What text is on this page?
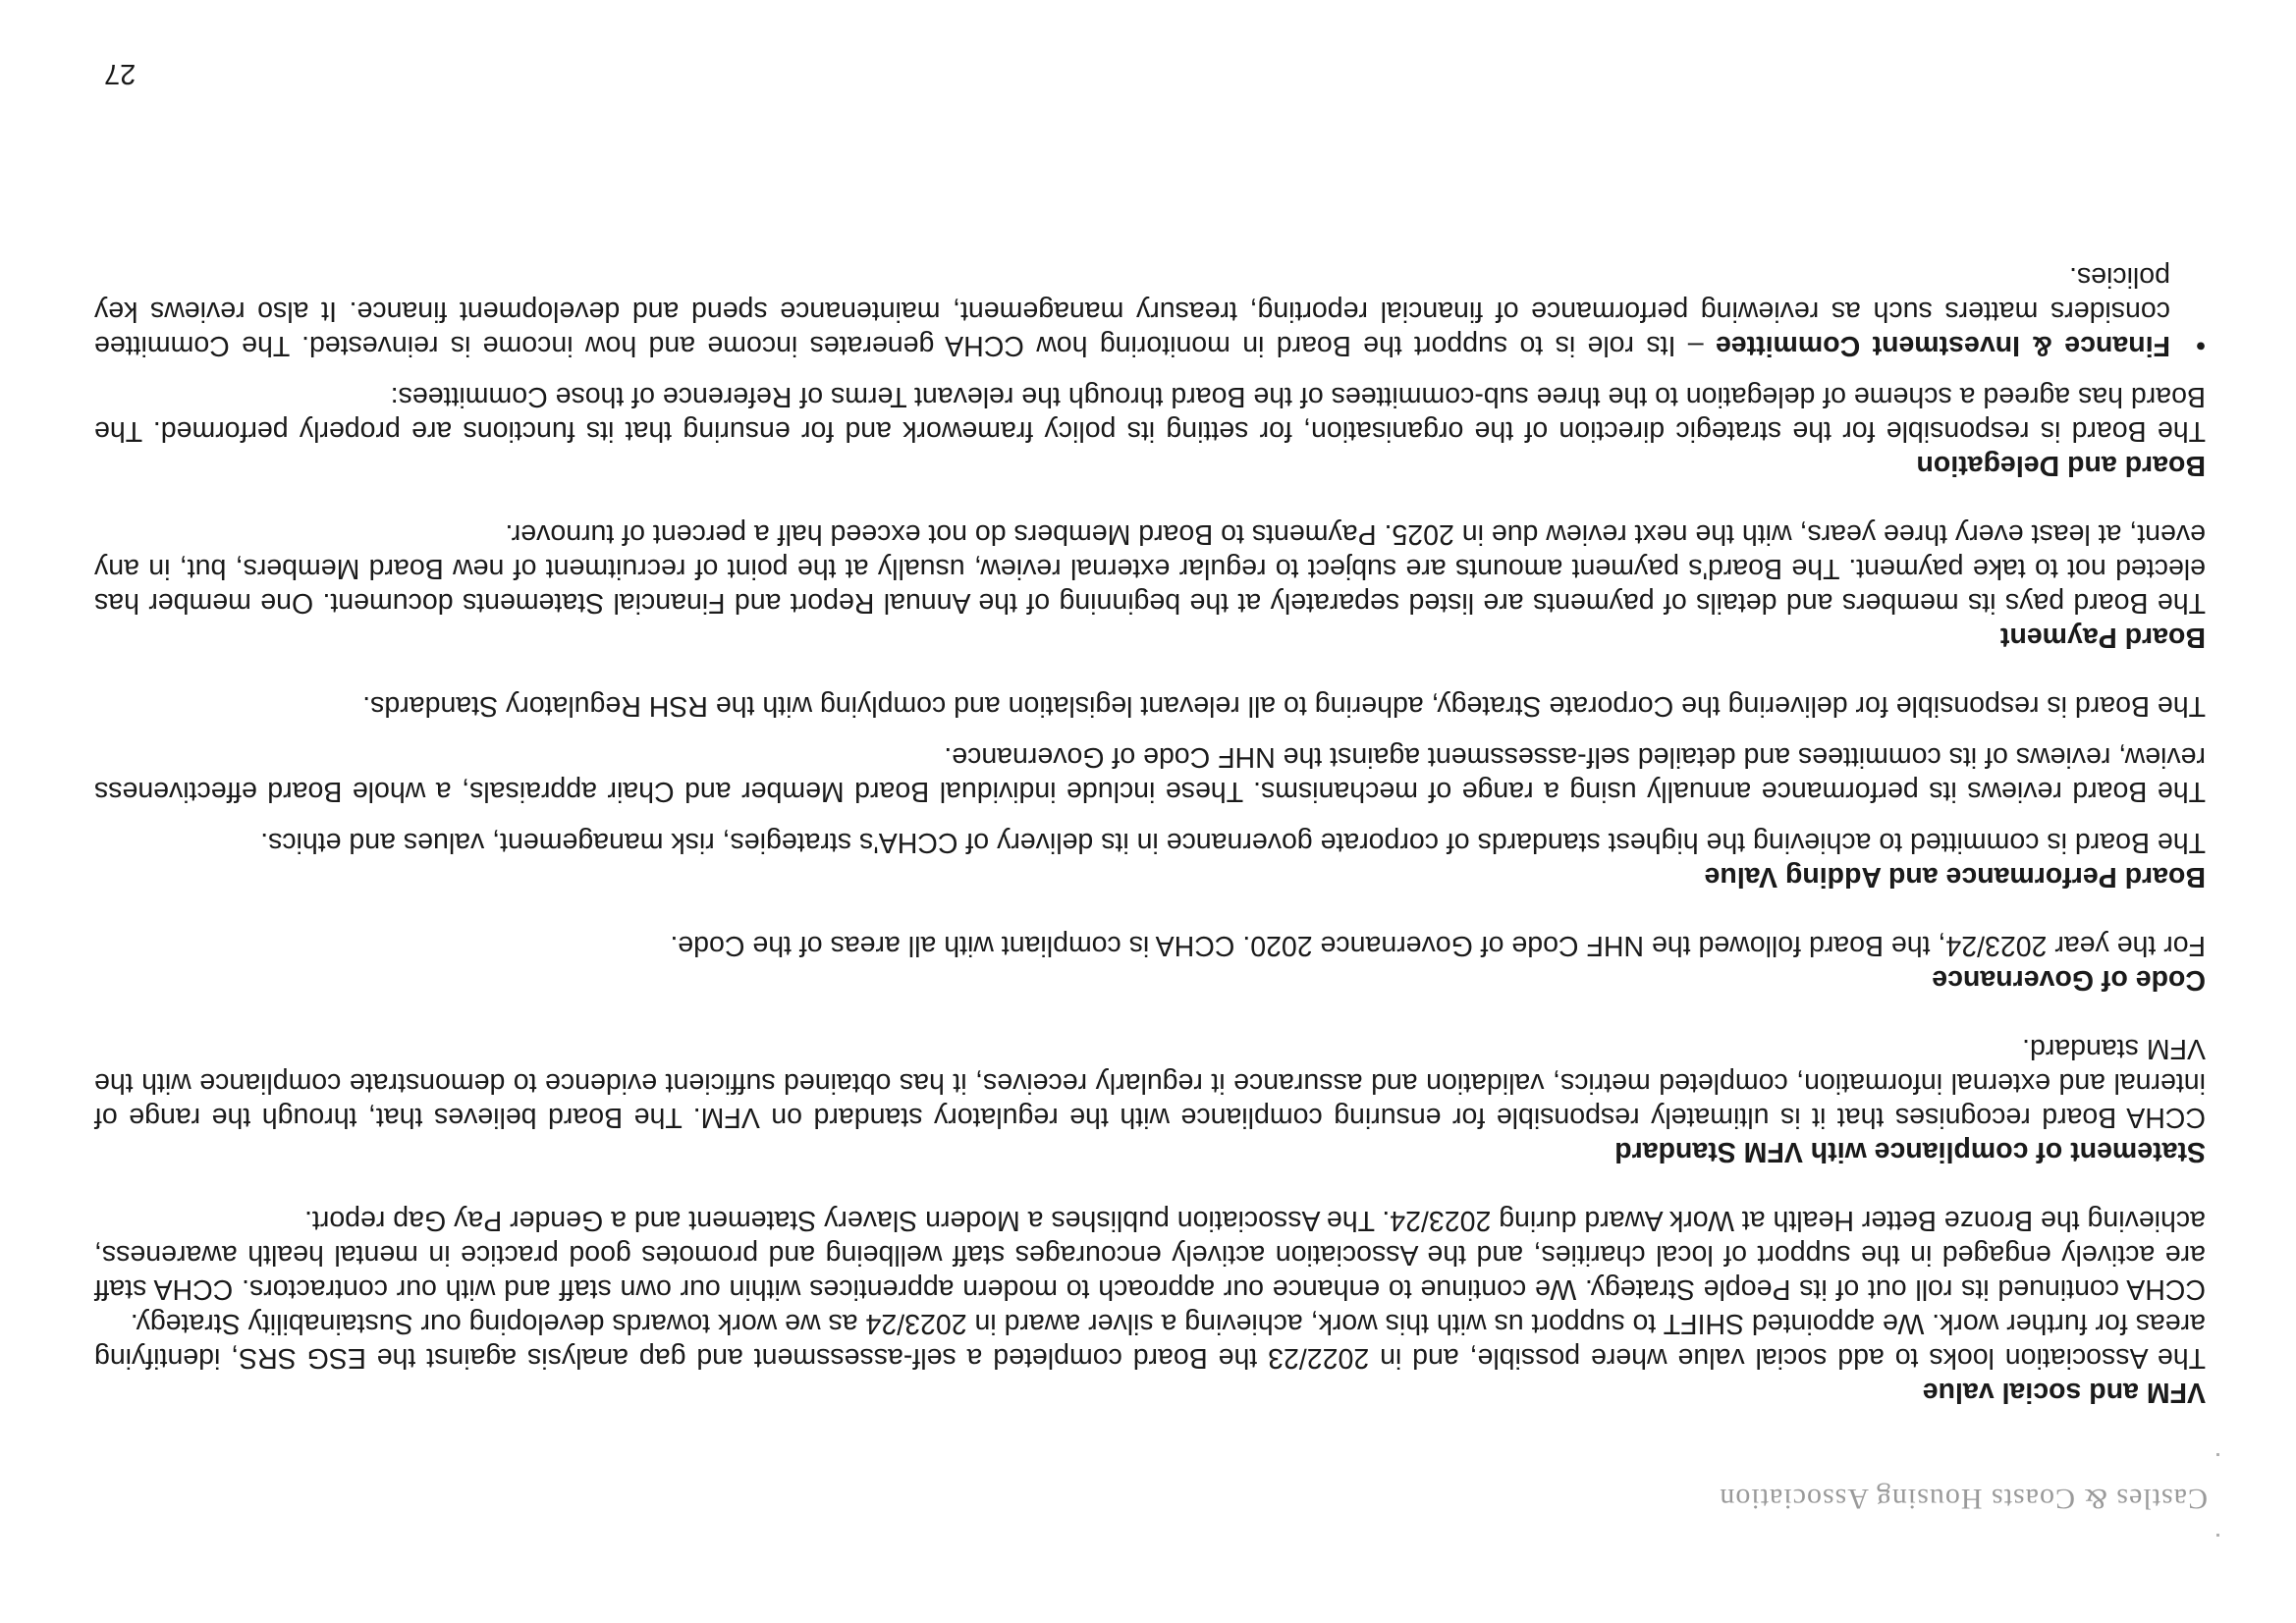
Castles & Coasts Housing Association

VFM and social value

The Association looks to add social value where possible, and in 2022/23 the Board completed a self-assessment and gap analysis against the ESG SRS, identifying areas for further work. We appointed SHIFT to support us with this work, achieving a silver award in 2023/24 as we work towards developing our Sustainability Strategy.

CCHA continued its roll out of its People Strategy. We continue to enhance our approach to modern apprentices within our own staff and with our contractors. CCHA staff are actively engaged in the support of local charities, and the Association actively encourages staff wellbeing and promotes good practice in mental health awareness, achieving the Bronze Better Health at Work Award during 2023/24. The Association publishes a Modern Slavery Statement and a Gender Pay Gap report.

Statement of compliance with VFM Standard

CCHA Board recognises that it is ultimately responsible for ensuring compliance with the regulatory standard on VFM. The Board believes that, through the range of internal and external information, completed metrics, validation and assurance it regularly receives, it has obtained sufficient evidence to demonstrate compliance with the VFM standard.

Code of Governance

For the year 2023/24, the Board followed the NHF Code of Governance 2020. CCHA is compliant with all areas of the Code.

Board Performance and Adding Value

The Board is committed to achieving the highest standards of corporate governance in its delivery of CCHA's strategies, risk management, values and ethics.

The Board reviews its performance annually using a range of mechanisms. These include individual Board Member and Chair appraisals, a whole Board effectiveness review, reviews of its committees and detailed self-assessment against the NHF Code of Governance.

The Board is responsible for delivering the Corporate Strategy, adhering to all relevant legislation and complying with the RSH Regulatory Standards.

Board Payment

The Board pays its members and details of payments are listed separately at the beginning of the Annual Report and Financial Statements document. One member has elected not to take payment. The Board's payment amounts are subject to regular external review, usually at the point of recruitment of new Board Members, but, in any event, at least every three years, with the next review due in 2025. Payments to Board Members do not exceed half a percent of turnover.

Board and Delegation

The Board is responsible for the strategic direction of the organisation, for setting its policy framework and for ensuring that its functions are properly performed. The Board has agreed a scheme of delegation to the three sub-committees of the Board through the relevant Terms of Reference of those Committees:

•
Finance & Investment Committee – Its role is to support the Board in monitoring how CCHA generates income and how income is reinvested. The Committee considers matters such as reviewing performance of financial reporting, treasury management, maintenance spend and development finance. It also reviews key policies.
27
